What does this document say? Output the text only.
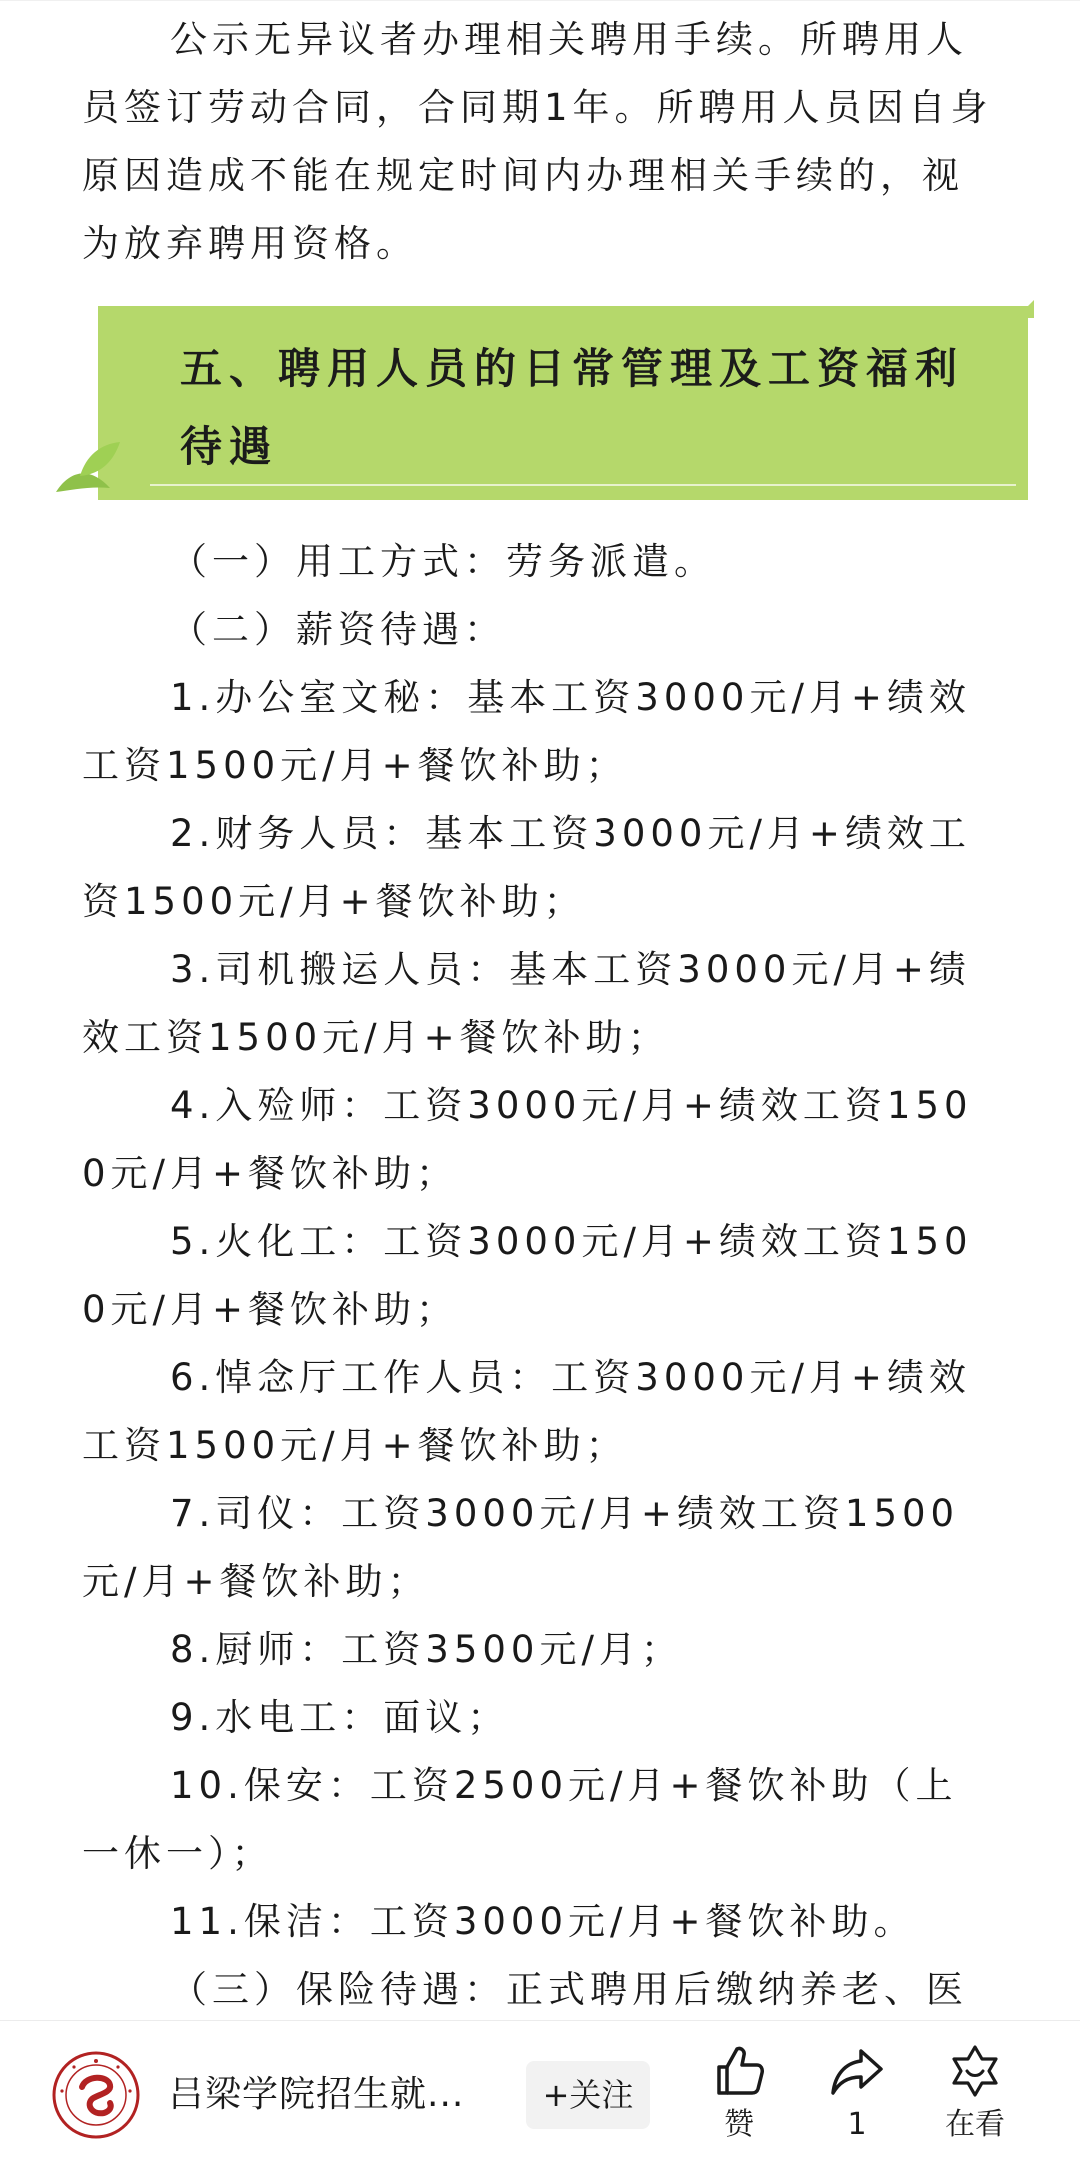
公示无异议者办理相关聘用手续。所聘用人员签订劳动合同，合同期1年。所聘用人员因自身原因造成不能在规定时间内办理相关手续的，视为放弃聘用资格。

五、聘用人员的日常管理及工资福利待遇

（一）用工方式：劳务派遣。

（二）薪资待遇：

1.办公室文秘：基本工资3000元/月+绩效工资1500元/月+餐饮补助；

2.财务人员：基本工资3000元/月+绩效工资1500元/月+餐饮补助；

3.司机搬运人员：基本工资3000元/月+绩效工资1500元/月+餐饮补助；

4.入殓师：工资3000元/月+绩效工资1500元/月+餐饮补助；

5.火化工：工资3000元/月+绩效工资1500元/月+餐饮补助；

6.悼念厅工作人员：工资3000元/月+绩效工资1500元/月+餐饮补助；

7.司仪：工资3000元/月+绩效工资1500元/月+餐饮补助；

8.厨师：工资3500元/月；

9.水电工：面议；

10.保安：工资2500元/月+餐饮补助（上一休一）；

11.保洁：工资3000元/月+餐饮补助。

（三）保险待遇：正式聘用后缴纳养老、医

吕梁学院招生就...	+关注
赞	1	在看
